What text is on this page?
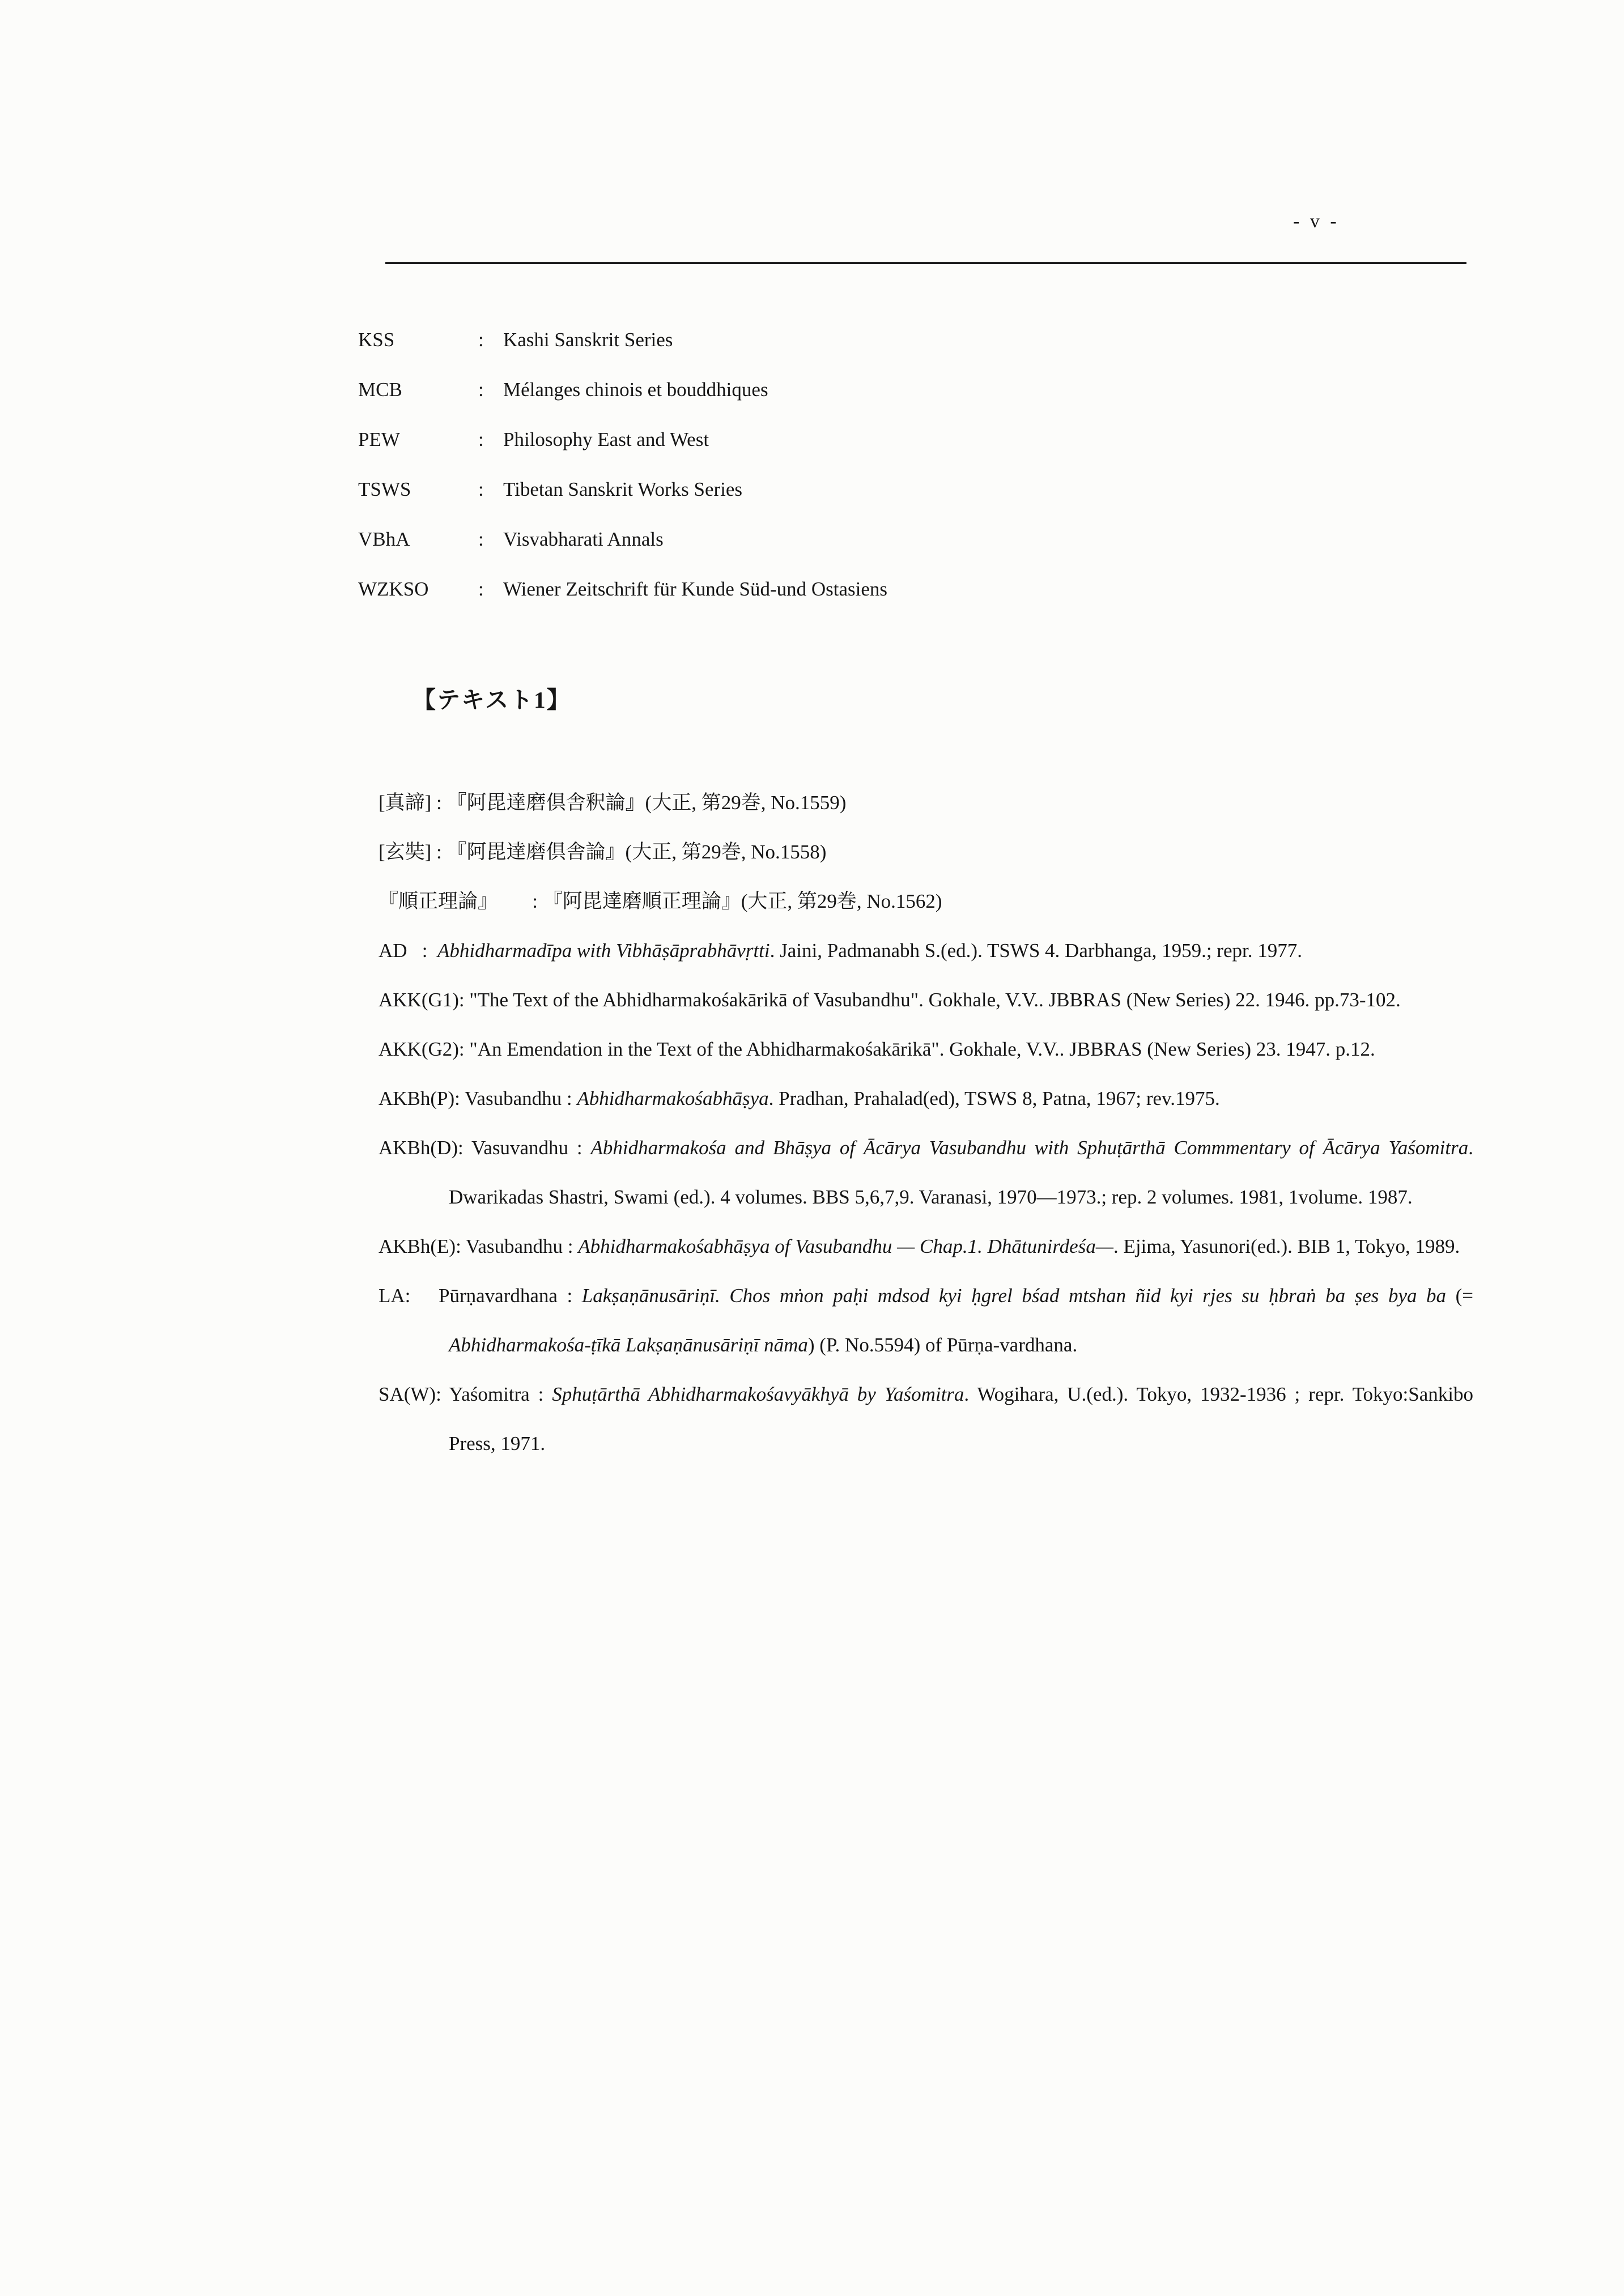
- v -
KSS	: Kashi Sanskrit Series
MCB	: Mélanges chinois et bouddhiques
PEW	: Philosophy East and West
TSWS	: Tibetan Sanskrit Works Series
VBhA	: Visvabharati Annals
WZKSO	: Wiener Zeitschrift für Kunde Süd-und Ostasiens
【テキスト1】

[真諦] : 『阿毘達磨倶舎釈論』(大正, 第29巻, No.1559)

[玄奘] : 『阿毘達磨倶舎論』(大正, 第29巻, No.1558)

『順正理論』　　 : 『阿毘達磨順正理論』(大正, 第29巻, No.1562)

AD   :  Abhidharmadīpa with Vibhāṣāprabhāvṛtti. Jaini, Padmanabh S.(ed.). TSWS 4. Darbhanga, 1959.; repr. 1977.

AKK(G1): "The Text of the Abhidharmakośakārikā of Vasubandhu". Gokhale, V.V.. JBBRAS (New Series) 22. 1946. pp.73-102.

AKK(G2): "An Emendation in the Text of the Abhidharmakośakārikā". Gokhale, V.V.. JBBRAS (New Series) 23. 1947. p.12.

AKBh(P): Vasubandhu : Abhidharmakośabhāṣya. Pradhan, Prahalad(ed), TSWS 8, Patna, 1967; rev.1975.

AKBh(D): Vasuvandhu : Abhidharmakośa and Bhāṣya of Ācārya Vasubandhu with Sphuṭārthā Commmentary of Ācārya Yaśomitra. Dwarikadas Shastri, Swami (ed.). 4 volumes. BBS 5,6,7,9. Varanasi, 1970—1973.; rep. 2 volumes. 1981, 1volume. 1987.

AKBh(E): Vasubandhu : Abhidharmakośabhāṣya of Vasubandhu — Chap.1. Dhātunirdeśa—. Ejima, Yasunori(ed.). BIB 1, Tokyo, 1989.

LA:   Pūrṇavardhana : Lakṣaṇānusāriṇī. Chos mṅon paḥi mdsod kyi ḥgrel bśad mtshan ñid kyi rjes su ḥbraṅ ba ṣes bya ba (= Abhidharmakośa-ṭīkā Lakṣaṇānusāriṇī nāma) (P. No.5594) of Pūrṇa-vardhana.

SA(W): Yaśomitra : Sphuṭārthā Abhidharmakośavyākhyā by Yaśomitra. Wogihara, U.(ed.). Tokyo, 1932-1936 ; repr. Tokyo:Sankibo Press, 1971.
